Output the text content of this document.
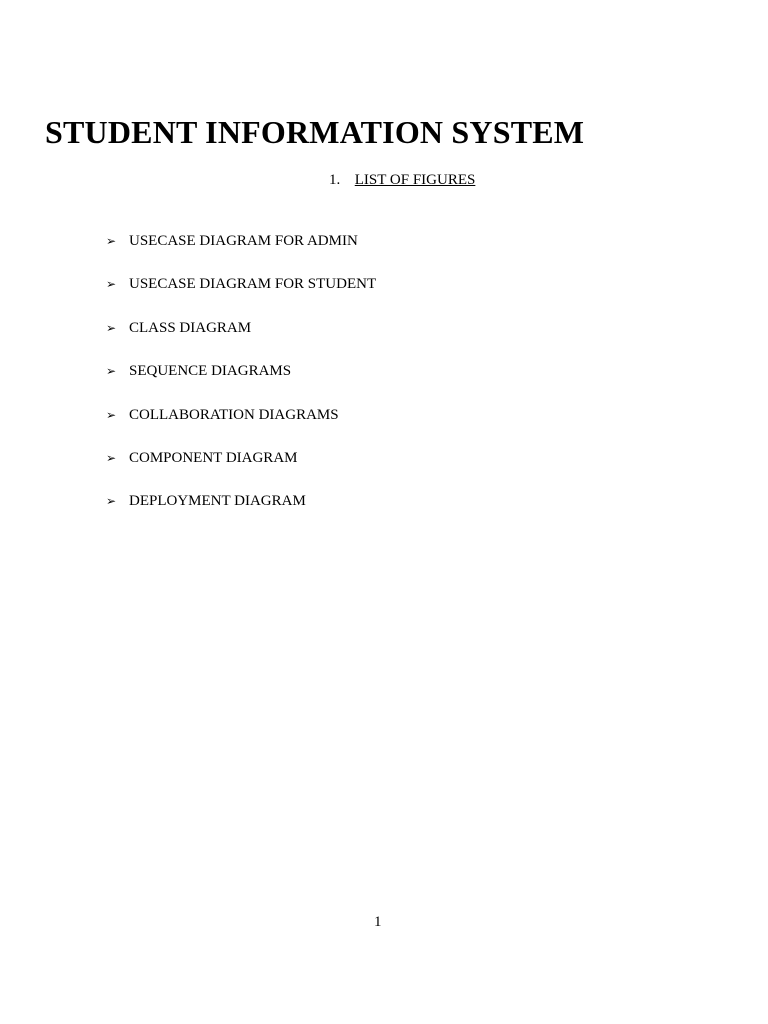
STUDENT INFORMATION SYSTEM
1. LIST OF FIGURES
➢ USECASE DIAGRAM FOR ADMIN
➢ USECASE DIAGRAM FOR STUDENT
➢ CLASS DIAGRAM
➢ SEQUENCE DIAGRAMS
➢ COLLABORATION DIAGRAMS
➢ COMPONENT DIAGRAM
➢ DEPLOYMENT DIAGRAM
1
